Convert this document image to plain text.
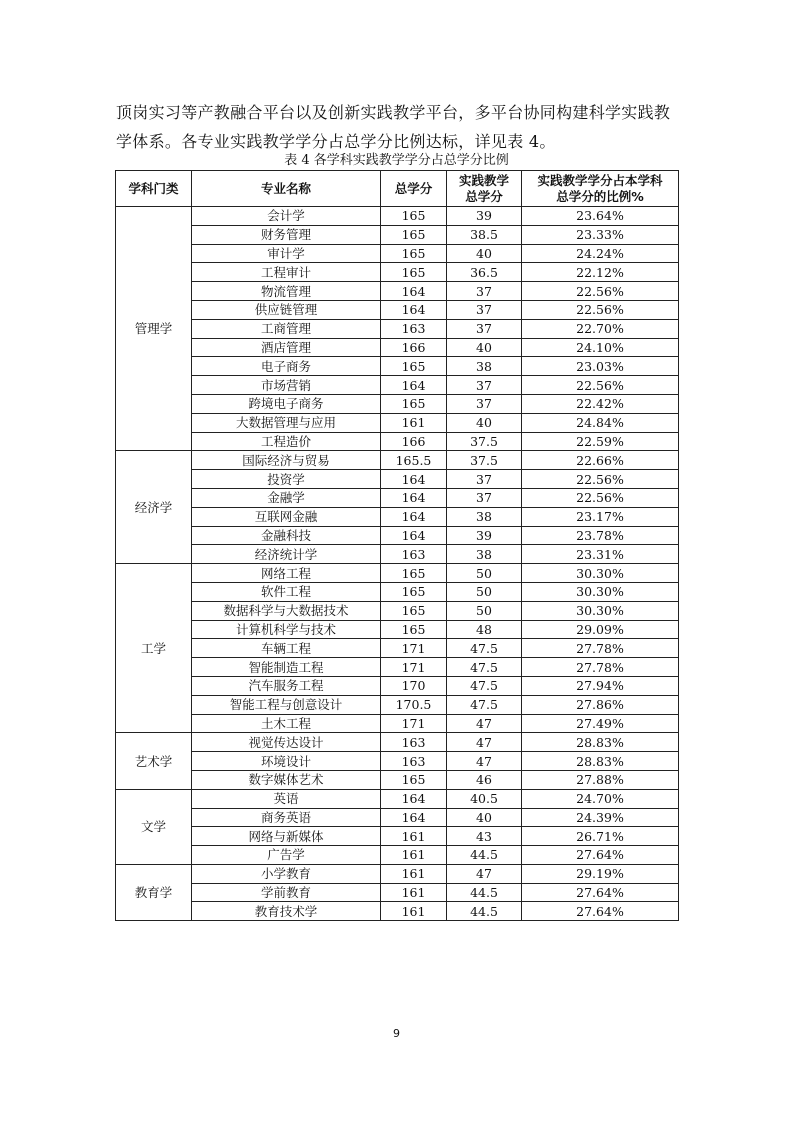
顶岗实习等产教融合平台以及创新实践教学平台，多平台协同构建科学实践教
学体系。各专业实践教学学分占总学分比例达标，详见表 4。
表 4 各学科实践教学学分占总学分比例
学科门类	专业名称	总学分	实践教学总学分	实践教学学分占本学科总学分的比例%
管理学	会计学	165	39	23.64%
	财务管理	165	38.5	23.33%
	审计学	165	40	24.24%
	工程审计	165	36.5	22.12%
	物流管理	164	37	22.56%
	供应链管理	164	37	22.56%
	工商管理	163	37	22.70%
	酒店管理	166	40	24.10%
	电子商务	165	38	23.03%
	市场营销	164	37	22.56%
	跨境电子商务	165	37	22.42%
	大数据管理与应用	161	40	24.84%
	工程造价	166	37.5	22.59%
经济学	国际经济与贸易	165.5	37.5	22.66%
	投资学	164	37	22.56%
	金融学	164	37	22.56%
	互联网金融	164	38	23.17%
	金融科技	164	39	23.78%
	经济统计学	163	38	23.31%
工学	网络工程	165	50	30.30%
	软件工程	165	50	30.30%
	数据科学与大数据技术	165	50	30.30%
	计算机科学与技术	165	48	29.09%
	车辆工程	171	47.5	27.78%
	智能制造工程	171	47.5	27.78%
	汽车服务工程	170	47.5	27.94%
	智能工程与创意设计	170.5	47.5	27.86%
	土木工程	171	47	27.49%
艺术学	视觉传达设计	163	47	28.83%
	环境设计	163	47	28.83%
	数字媒体艺术	165	46	27.88%
文学	英语	164	40.5	24.70%
	商务英语	164	40	24.39%
	网络与新媒体	161	43	26.71%
	广告学	161	44.5	27.64%
教育学	小学教育	161	47	29.19%
	学前教育	161	44.5	27.64%
	教育技术学	161	44.5	27.64%
9
